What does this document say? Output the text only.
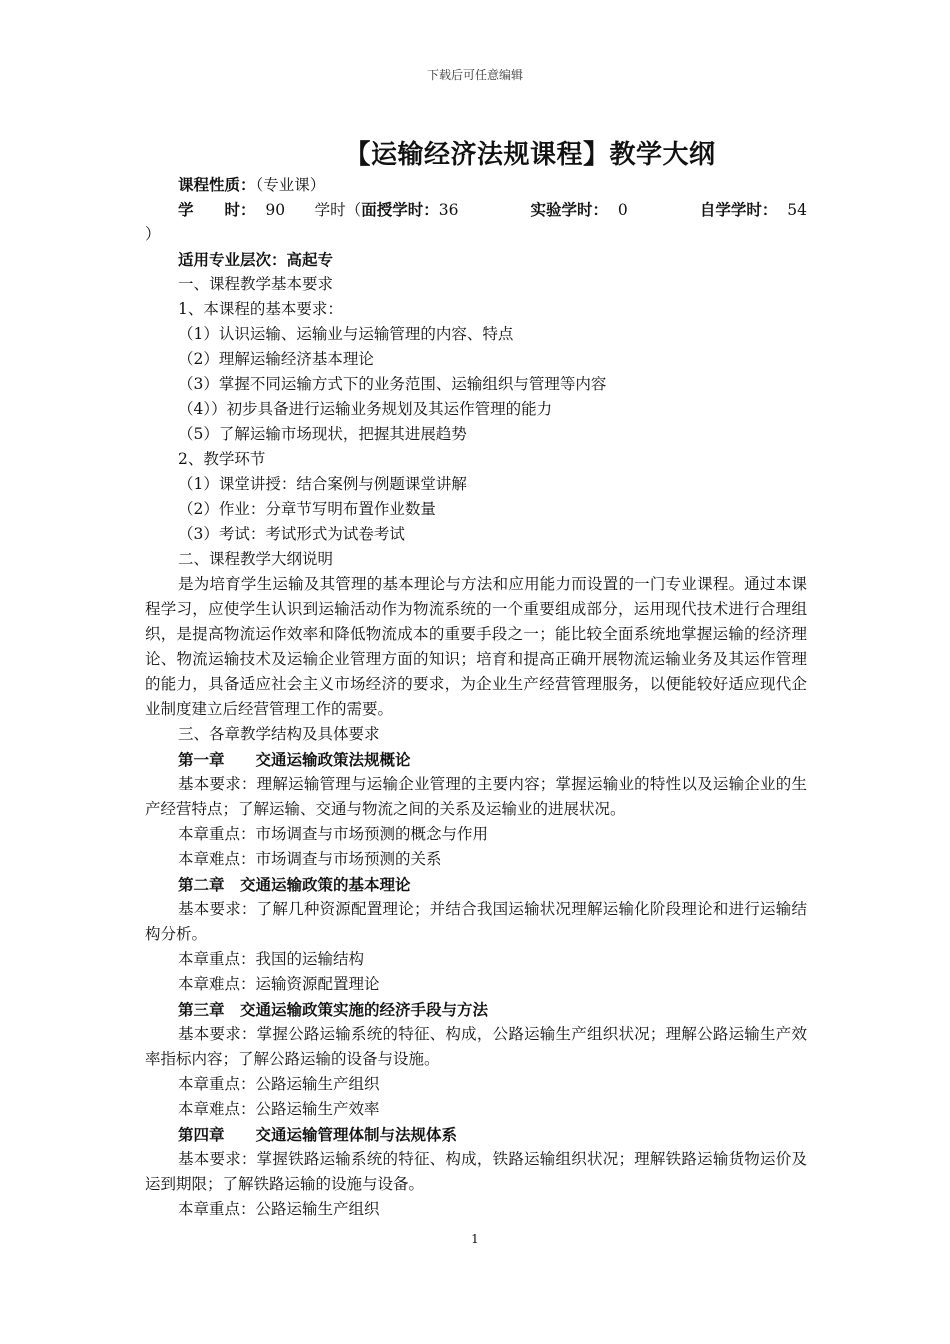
下载后可任意编辑
【运输经济法规课程】教学大纲
课程性质：（专业课）
学　　时： 90 学时（面授学时：36	实验学时： 0	自学学时： 54
）
适用专业层次：高起专
一、课程教学基本要求
1、本课程的基本要求：
（1）认识运输、运输业与运输管理的内容、特点
（2）理解运输经济基本理论
（3）掌握不同运输方式下的业务范围、运输组织与管理等内容
（4））初步具备进行运输业务规划及其运作管理的能力
（5）了解运输市场现状，把握其进展趋势
2、教学环节
（1）课堂讲授：结合案例与例题课堂讲解
（2）作业：分章节写明布置作业数量
（3）考试：考试形式为试卷考试
二、课程教学大纲说明
是为培育学生运输及其管理的基本理论与方法和应用能力而设置的一门专业课程。通过本课程学习，应使学生认识到运输活动作为物流系统的一个重要组成部分，运用现代技术进行合理组织，是提高物流运作效率和降低物流成本的重要手段之一；能比较全面系统地掌握运输的经济理论、物流运输技术及运输企业管理方面的知识；培育和提高正确开展物流运输业务及其运作管理的能力，具备适应社会主义市场经济的要求，为企业生产经营管理服务，以便能较好适应现代企业制度建立后经营管理工作的需要。
三、各章教学结构及具体要求
第一章　　交通运输政策法规概论
基本要求：理解运输管理与运输企业管理的主要内容；掌握运输业的特性以及运输企业的生产经营特点；了解运输、交通与物流之间的关系及运输业的进展状况。
本章重点：市场调查与市场预测的概念与作用
本章难点：市场调查与市场预测的关系
第二章　交通运输政策的基本理论
基本要求：了解几种资源配置理论；并结合我国运输状况理解运输化阶段理论和进行运输结构分析。
本章重点：我国的运输结构
本章难点：运输资源配置理论
第三章　交通运输政策实施的经济手段与方法
基本要求：掌握公路运输系统的特征、构成，公路运输生产组织状况；理解公路运输生产效率指标内容；了解公路运输的设备与设施。
本章重点：公路运输生产组织
本章难点：公路运输生产效率
第四章　　交通运输管理体制与法规体系
基本要求：掌握铁路运输系统的特征、构成，铁路运输组织状况；理解铁路运输货物运价及运到期限；了解铁路运输的设施与设备。
本章重点：公路运输生产组织
1
